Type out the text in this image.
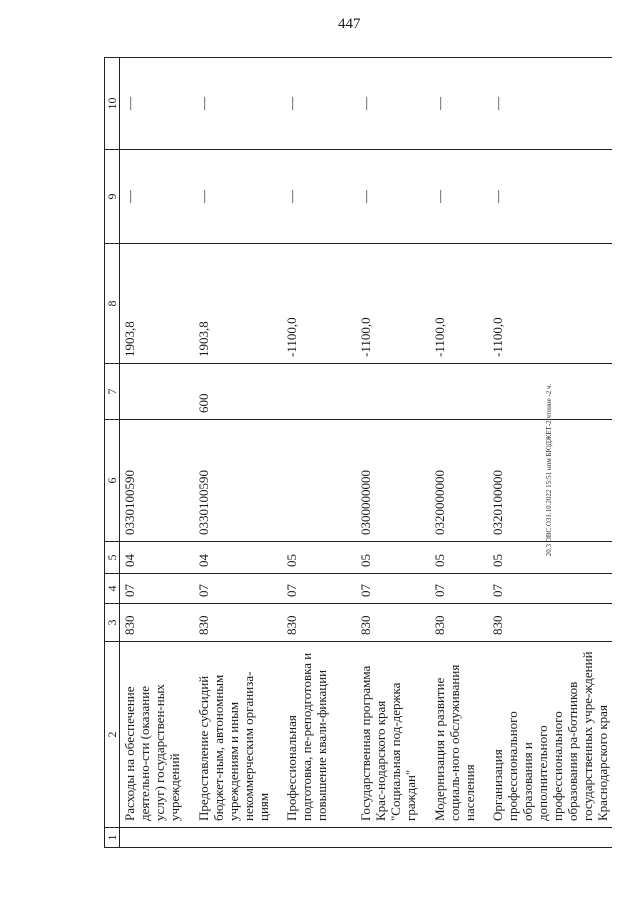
447
20.3 ОВС.О31.10.2022 15:51 нпм БЮДЖЕТ-2 чтение -2 ч.
1	2	3	4	5	6	7	8	9	10
	Расходы на обеспечение деятельно-сти (оказание услуг) государствен-ных учреждений	830	07	04	0330100590		1903,8	—	—
	Предоставление субсидий бюджет-ным, автономным учреждениям и иным некоммерческим организа-циям	830	07	04	0330100590	600	1903,8	—	—
	Профессиональная подготовка, пе-реподготовка и повышение квали-фикации	830	07	05			-1100,0	—	—
	Государственная программа Крас-нодарского края "Социальная под-держка граждан"	830	07	05	0300000000		-1100,0	—	—
	Модернизация и развитие социаль-ного обслуживания населения	830	07	05	0320000000		-1100,0	—	—
	Организация профессионального образования и дополнительного профессионального образования ра-ботников государственных учре-ждений Краснодарского края	830	07	05	0320100000		-1100,0	—	—
